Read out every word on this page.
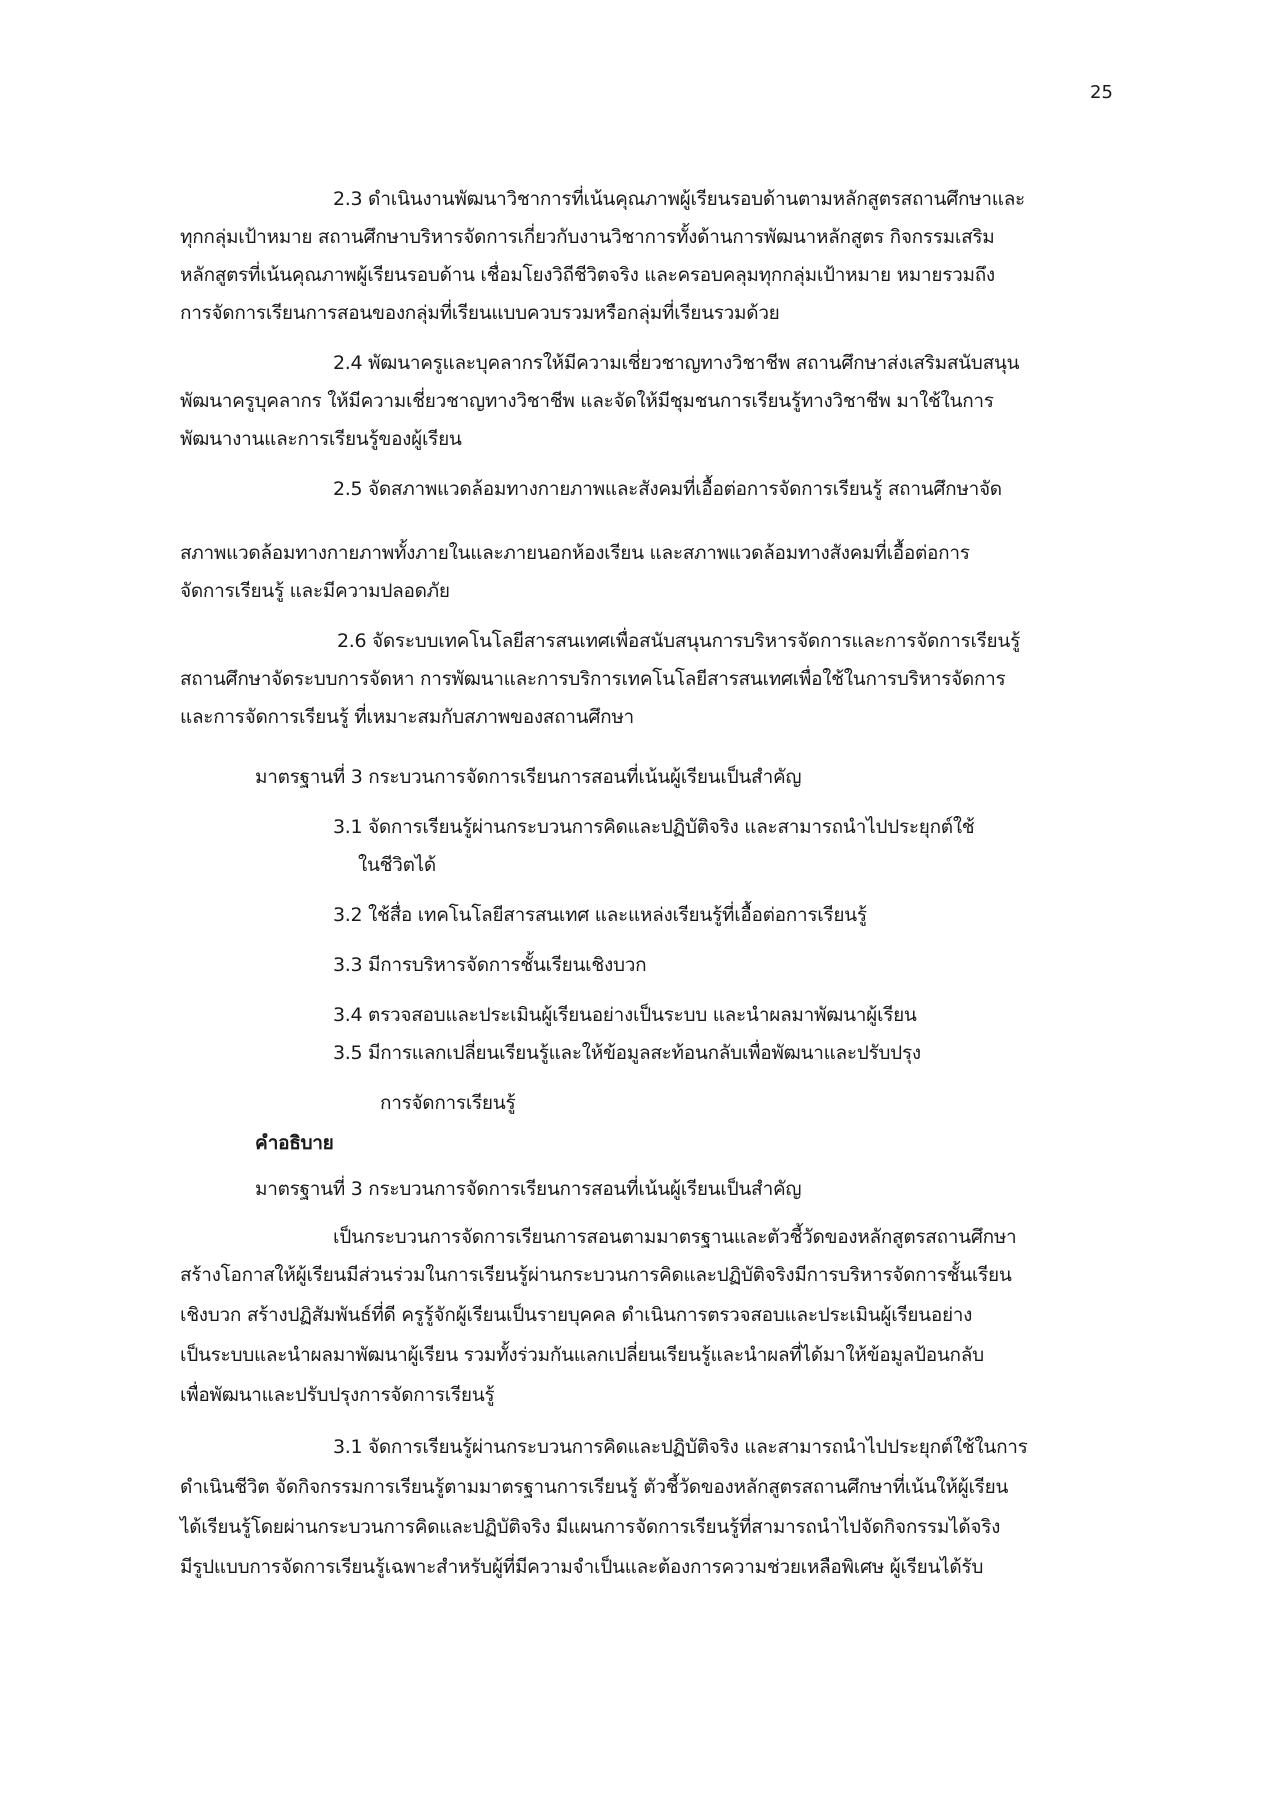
25
2.3 ดำเนินงานพัฒนาวิชาการที่เน้นคุณภาพผู้เรียนรอบด้านตามหลักสูตรสถานศึกษาและ
ทุกกลุ่มเป้าหมาย สถานศึกษาบริหารจัดการเกี่ยวกับงานวิชาการทั้งด้านการพัฒนาหลักสูตร กิจกรรมเสริม
หลักสูตรที่เน้นคุณภาพผู้เรียนรอบด้าน เชื่อมโยงวิถีชีวิตจริง และครอบคลุมทุกกลุ่มเป้าหมาย หมายรวมถึง
การจัดการเรียนการสอนของกลุ่มที่เรียนแบบควบรวมหรือกลุ่มที่เรียนรวมด้วย
2.4 พัฒนาครูและบุคลากรให้มีความเชี่ยวชาญทางวิชาชีพ สถานศึกษาส่งเสริมสนับสนุน
พัฒนาครูบุคลากร ให้มีความเชี่ยวชาญทางวิชาชีพ และจัดให้มีชุมชนการเรียนรู้ทางวิชาชีพ มาใช้ในการ
พัฒนางานและการเรียนรู้ของผู้เรียน
2.5 จัดสภาพแวดล้อมทางกายภาพและสังคมที่เอื้อต่อการจัดการเรียนรู้ สถานศึกษาจัด
สภาพแวดล้อมทางกายภาพทั้งภายในและภายนอกห้องเรียน และสภาพแวดล้อมทางสังคมที่เอื้อต่อการ
จัดการเรียนรู้ และมีความปลอดภัย
2.6 จัดระบบเทคโนโลยีสารสนเทศเพื่อสนับสนุนการบริหารจัดการและการจัดการเรียนรู้
สถานศึกษาจัดระบบการจัดหา การพัฒนาและการบริการเทคโนโลยีสารสนเทศเพื่อใช้ในการบริหารจัดการ
และการจัดการเรียนรู้ ที่เหมาะสมกับสภาพของสถานศึกษา
มาตรฐานที่ 3 กระบวนการจัดการเรียนการสอนที่เน้นผู้เรียนเป็นสำคัญ
3.1 จัดการเรียนรู้ผ่านกระบวนการคิดและปฏิบัติจริง และสามารถนำไปประยุกต์ใช้
ในชีวิตได้
3.2 ใช้สื่อ เทคโนโลยีสารสนเทศ และแหล่งเรียนรู้ที่เอื้อต่อการเรียนรู้
3.3 มีการบริหารจัดการชั้นเรียนเชิงบวก
3.4 ตรวจสอบและประเมินผู้เรียนอย่างเป็นระบบ และนำผลมาพัฒนาผู้เรียน
3.5 มีการแลกเปลี่ยนเรียนรู้และให้ข้อมูลสะท้อนกลับเพื่อพัฒนาและปรับปรุง
การจัดการเรียนรู้
มาตรฐานที่ 3 กระบวนการจัดการเรียนการสอนที่เน้นผู้เรียนเป็นสำคัญ
เป็นกระบวนการจัดการเรียนการสอนตามมาตรฐานและตัวชี้วัดของหลักสูตรสถานศึกษา
สร้างโอกาสให้ผู้เรียนมีส่วนร่วมในการเรียนรู้ผ่านกระบวนการคิดและปฏิบัติจริงมีการบริหารจัดการชั้นเรียน
เชิงบวก สร้างปฏิสัมพันธ์ที่ดี ครูรู้จักผู้เรียนเป็นรายบุคคล ดำเนินการตรวจสอบและประเมินผู้เรียนอย่าง
เป็นระบบและนำผลมาพัฒนาผู้เรียน รวมทั้งร่วมกันแลกเปลี่ยนเรียนรู้และนำผลที่ได้มาให้ข้อมูลป้อนกลับ
เพื่อพัฒนาและปรับปรุงการจัดการเรียนรู้
3.1 จัดการเรียนรู้ผ่านกระบวนการคิดและปฏิบัติจริง และสามารถนำไปประยุกต์ใช้ในการ
ดำเนินชีวิต จัดกิจกรรมการเรียนรู้ตามมาตรฐานการเรียนรู้ ตัวชี้วัดของหลักสูตรสถานศึกษาที่เน้นให้ผู้เรียน
ได้เรียนรู้โดยผ่านกระบวนการคิดและปฏิบัติจริง มีแผนการจัดการเรียนรู้ที่สามารถนำไปจัดกิจกรรมได้จริง
มีรูปแบบการจัดการเรียนรู้เฉพาะสำหรับผู้ที่มีความจำเป็นและต้องการความช่วยเหลือพิเศษ ผู้เรียนได้รับ
คำอธิบาย
